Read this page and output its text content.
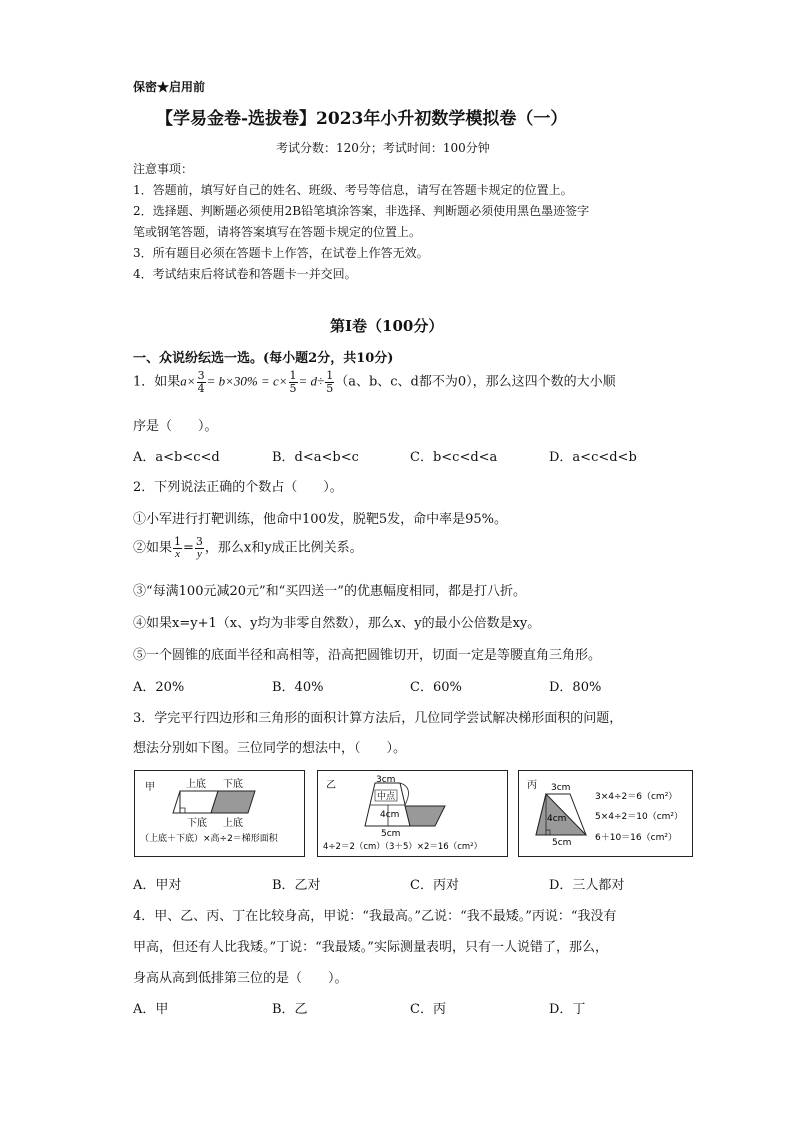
保密★启用前
【学易金卷-选拔卷】2023年小升初数学模拟卷（一）
考试分数：120分；考试时间：100分钟
注意事项：
1．答题前，填写好自己的姓名、班级、考号等信息，请写在答题卡规定的位置上。
2．选择题、判断题必须使用2B铅笔填涂答案，非选择、判断题必须使用黑色墨迹签字
笔或钢笔答题，请将答案填写在答题卡规定的位置上。
3．所有题目必须在答题卡上作答，在试卷上作答无效。
4．考试结束后将试卷和答题卡一并交回。
第Ⅰ卷（100分）
一、众说纷纭选一选。(每小题2分，共10分)
1．如果$a\times \frac{3}{4} = b\times 30\% = c\times \frac{1}{5} = d\div \frac{1}{5} (a$、b、c、d都不为0），那么这四个数的大小顺
序是（　　）。
A．a<b<c<d	B．d<a<b<c	C．b<c<d<a	D．a<c<d<b
2．下列说法正确的个数占（　　）。
①小军进行打靶训练，他命中100发，脱靶5发，命中率是95%。
②如果 $\frac{1}{x} = \frac{3}{y}$ ，那么x和y成正比例关系。
③“每满100元减20元”和“买四送一”的优惠幅度相同，都是打八折。
④如果x=y+1（x、y均为非零自然数），那么x、y的最小公倍数是xy。
⑤一个圆锥的底面半径和高相等，沿高把圆锥切开，切面一定是等腰直角三角形。
A．20%	B．40%	C．60%	D．80%
3．学完平行四边形和三角形的面积计算方法后，几位同学尝试解决梯形面积的问题，
想法分别如下图。三位同学的想法中，（　　）。
甲	上底 下底
下底 上底
（上底＋下底）×高÷2＝梯形面积
乙	3cm
中点
4cm
5cm
4÷2＝2（cm）（3＋5）×2＝16（cm²）
丙 3cm
4cm
5cm
3×4÷2＝6（cm²）
5×4÷2＝10（cm²）
6＋10＝16（cm²）
A．甲对	B．乙对	C．丙对	D．三人都对
4．甲、乙、丙、丁在比较身高，甲说：“我最高。”乙说：“我不最矮。”丙说：“我没有
甲高，但还有人比我矮。”丁说：“我最矮。”实际测量表明，只有一人说错了，那么，
身高从高到低排第三位的是（　　）。
A．甲	B．乙	C．丙	D．丁
